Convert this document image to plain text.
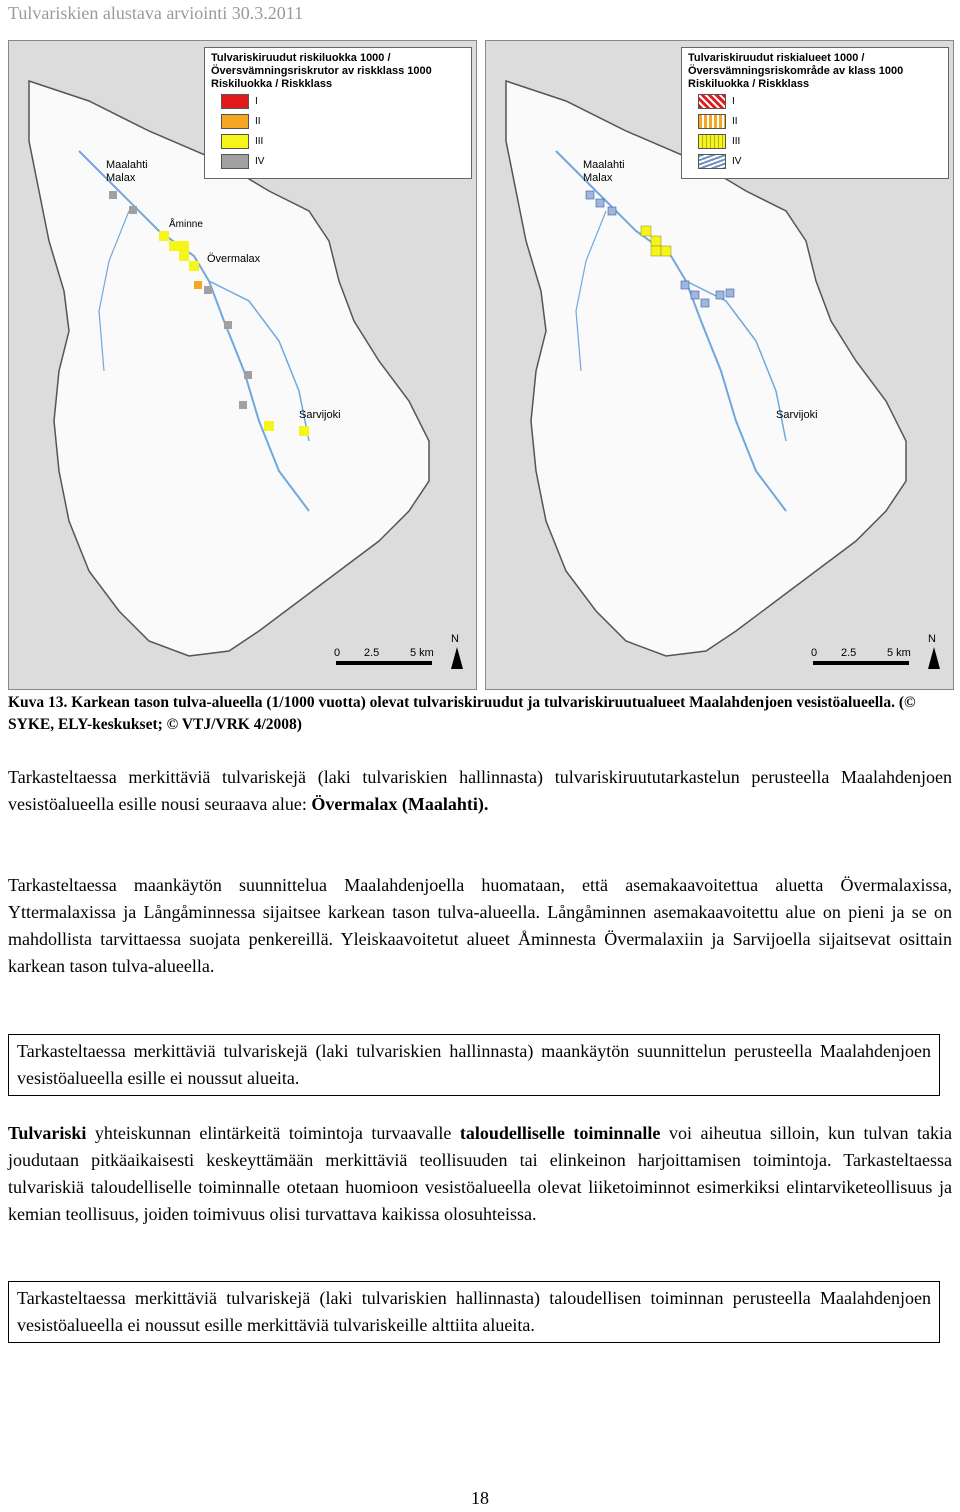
Tulvariskien alustava arviointi 30.3.2011
Maalahti
Malax
Övermalax
Sarvijoki
Åminne
Tulvariskiruudut riskiluokka 1000 /
Översvämningsriskrutor av riskklass 1000
Riskiluokka / Riskklass
I
II
III
IV
0 2.5	5 km
N
Maalahti
Malax
Sarvijoki
Tulvariskiruudut riskialueet 1000 /
Översvämningsriskområde av klass 1000
Riskiluokka / Riskklass
I
II
III
IV
0 2.5	5 km
N
Kuva 13. Karkean tason tulva-alueella (1/1000 vuotta) olevat tulvariskiruudut ja tulvariskiruutualueet Maalahdenjoen vesistöalueella. (© SYKE, ELY-keskukset; © VTJ/VRK 4/2008)
Tarkasteltaessa merkittäviä tulvariskejä (laki tulvariskien hallinnasta) tulvariskiruututarkastelun perusteella Maalahdenjoen vesistöalueella esille nousi seuraava alue: Övermalax (Maalahti).
Tarkasteltaessa maankäytön suunnittelua Maalahdenjoella huomataan, että asemakaavoitettua aluetta Övermalaxissa, Yttermalaxissa ja Långåminnessa sijaitsee karkean tason tulva-alueella. Långåminnen asemakaavoitettu alue on pieni ja se on mahdollista tarvittaessa suojata penkereillä. Yleiskaavoitetut alueet Åminnesta Övermalaxiin ja Sarvijoella sijaitsevat osittain karkean tason tulva-alueella.
Tarkasteltaessa merkittäviä tulvariskejä (laki tulvariskien hallinnasta) maankäytön suunnittelun perusteella Maalahdenjoen vesistöalueella esille ei noussut alueita.
Tulvariski yhteiskunnan elintärkeitä toimintoja turvaavalle taloudelliselle toiminnalle voi aiheutua silloin, kun tulvan takia joudutaan pitkäaikaisesti keskeyttämään merkittäviä teollisuuden tai elinkeinon harjoittamisen toimintoja. Tarkasteltaessa tulvariskiä taloudelliselle toiminnalle otetaan huomioon vesistöalueella olevat liiketoiminnot esimerkiksi elintarviketeollisuus ja kemian teollisuus, joiden toimivuus olisi turvattava kaikissa olosuhteissa.
Tarkasteltaessa merkittäviä tulvariskejä (laki tulvariskien hallinnasta) taloudellisen toiminnan perusteella Maalahdenjoen vesistöalueella ei noussut esille merkittäviä tulvariskeille alttiita alueita.
18
